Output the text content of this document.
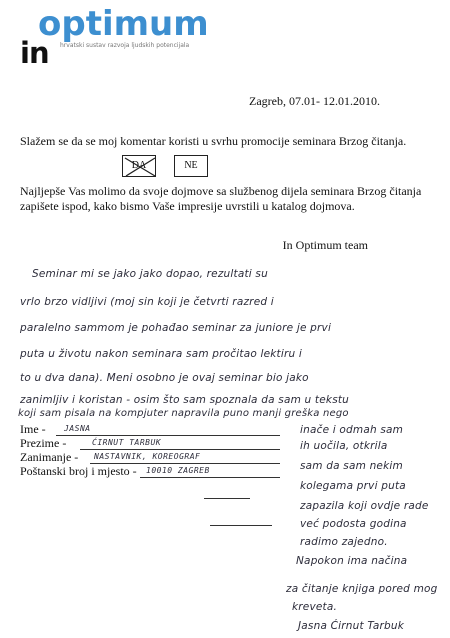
optimum
in hrvatski sustav razvoja ljudskih potencijala
Zagreb, 07.01- 12.01.2010.
Slažem se da se moj komentar koristi u svrhu promocije seminara Brzog čitanja.
DA	NE
Najljepše Vas molimo da svoje dojmove sa službenog dijela seminara Brzog čitanja zapišete ispod, kako bismo Vaše impresije uvrstili u katalog dojmova.
In Optimum team
Seminar mi se jako jako dopao, rezultati su
vrlo brzo vidljivi (moj sin koji je četvrti razred i
paralelno sammom je pohađao seminar za juniore je prvi
puta u životu nakon seminara sam pročitao lektiru i
to u dva dana). Meni osobno je ovaj seminar bio jako
zanimljiv i koristan - osim što sam spoznala da sam u tekstu
koji sam pisala na kompjuter napravila puno manji greška nego
inače i odmah sam
ih uočila, otkrila
sam da sam nekim
kolegama prvi puta
zapazila koji ovdje rade
već podosta godina
radimo zajedno.
Napokon ima načina
za čitanje knjiga pored mog
kreveta.
Jasna Ćirnut Tarbuk
Ime - JASNA
Prezime -	ĆIRNUT TARBUK
Zanimanje - NASTAVNIK, KOREOGRAF
Poštanski broj i mjesto - 10010 ZAGREB
